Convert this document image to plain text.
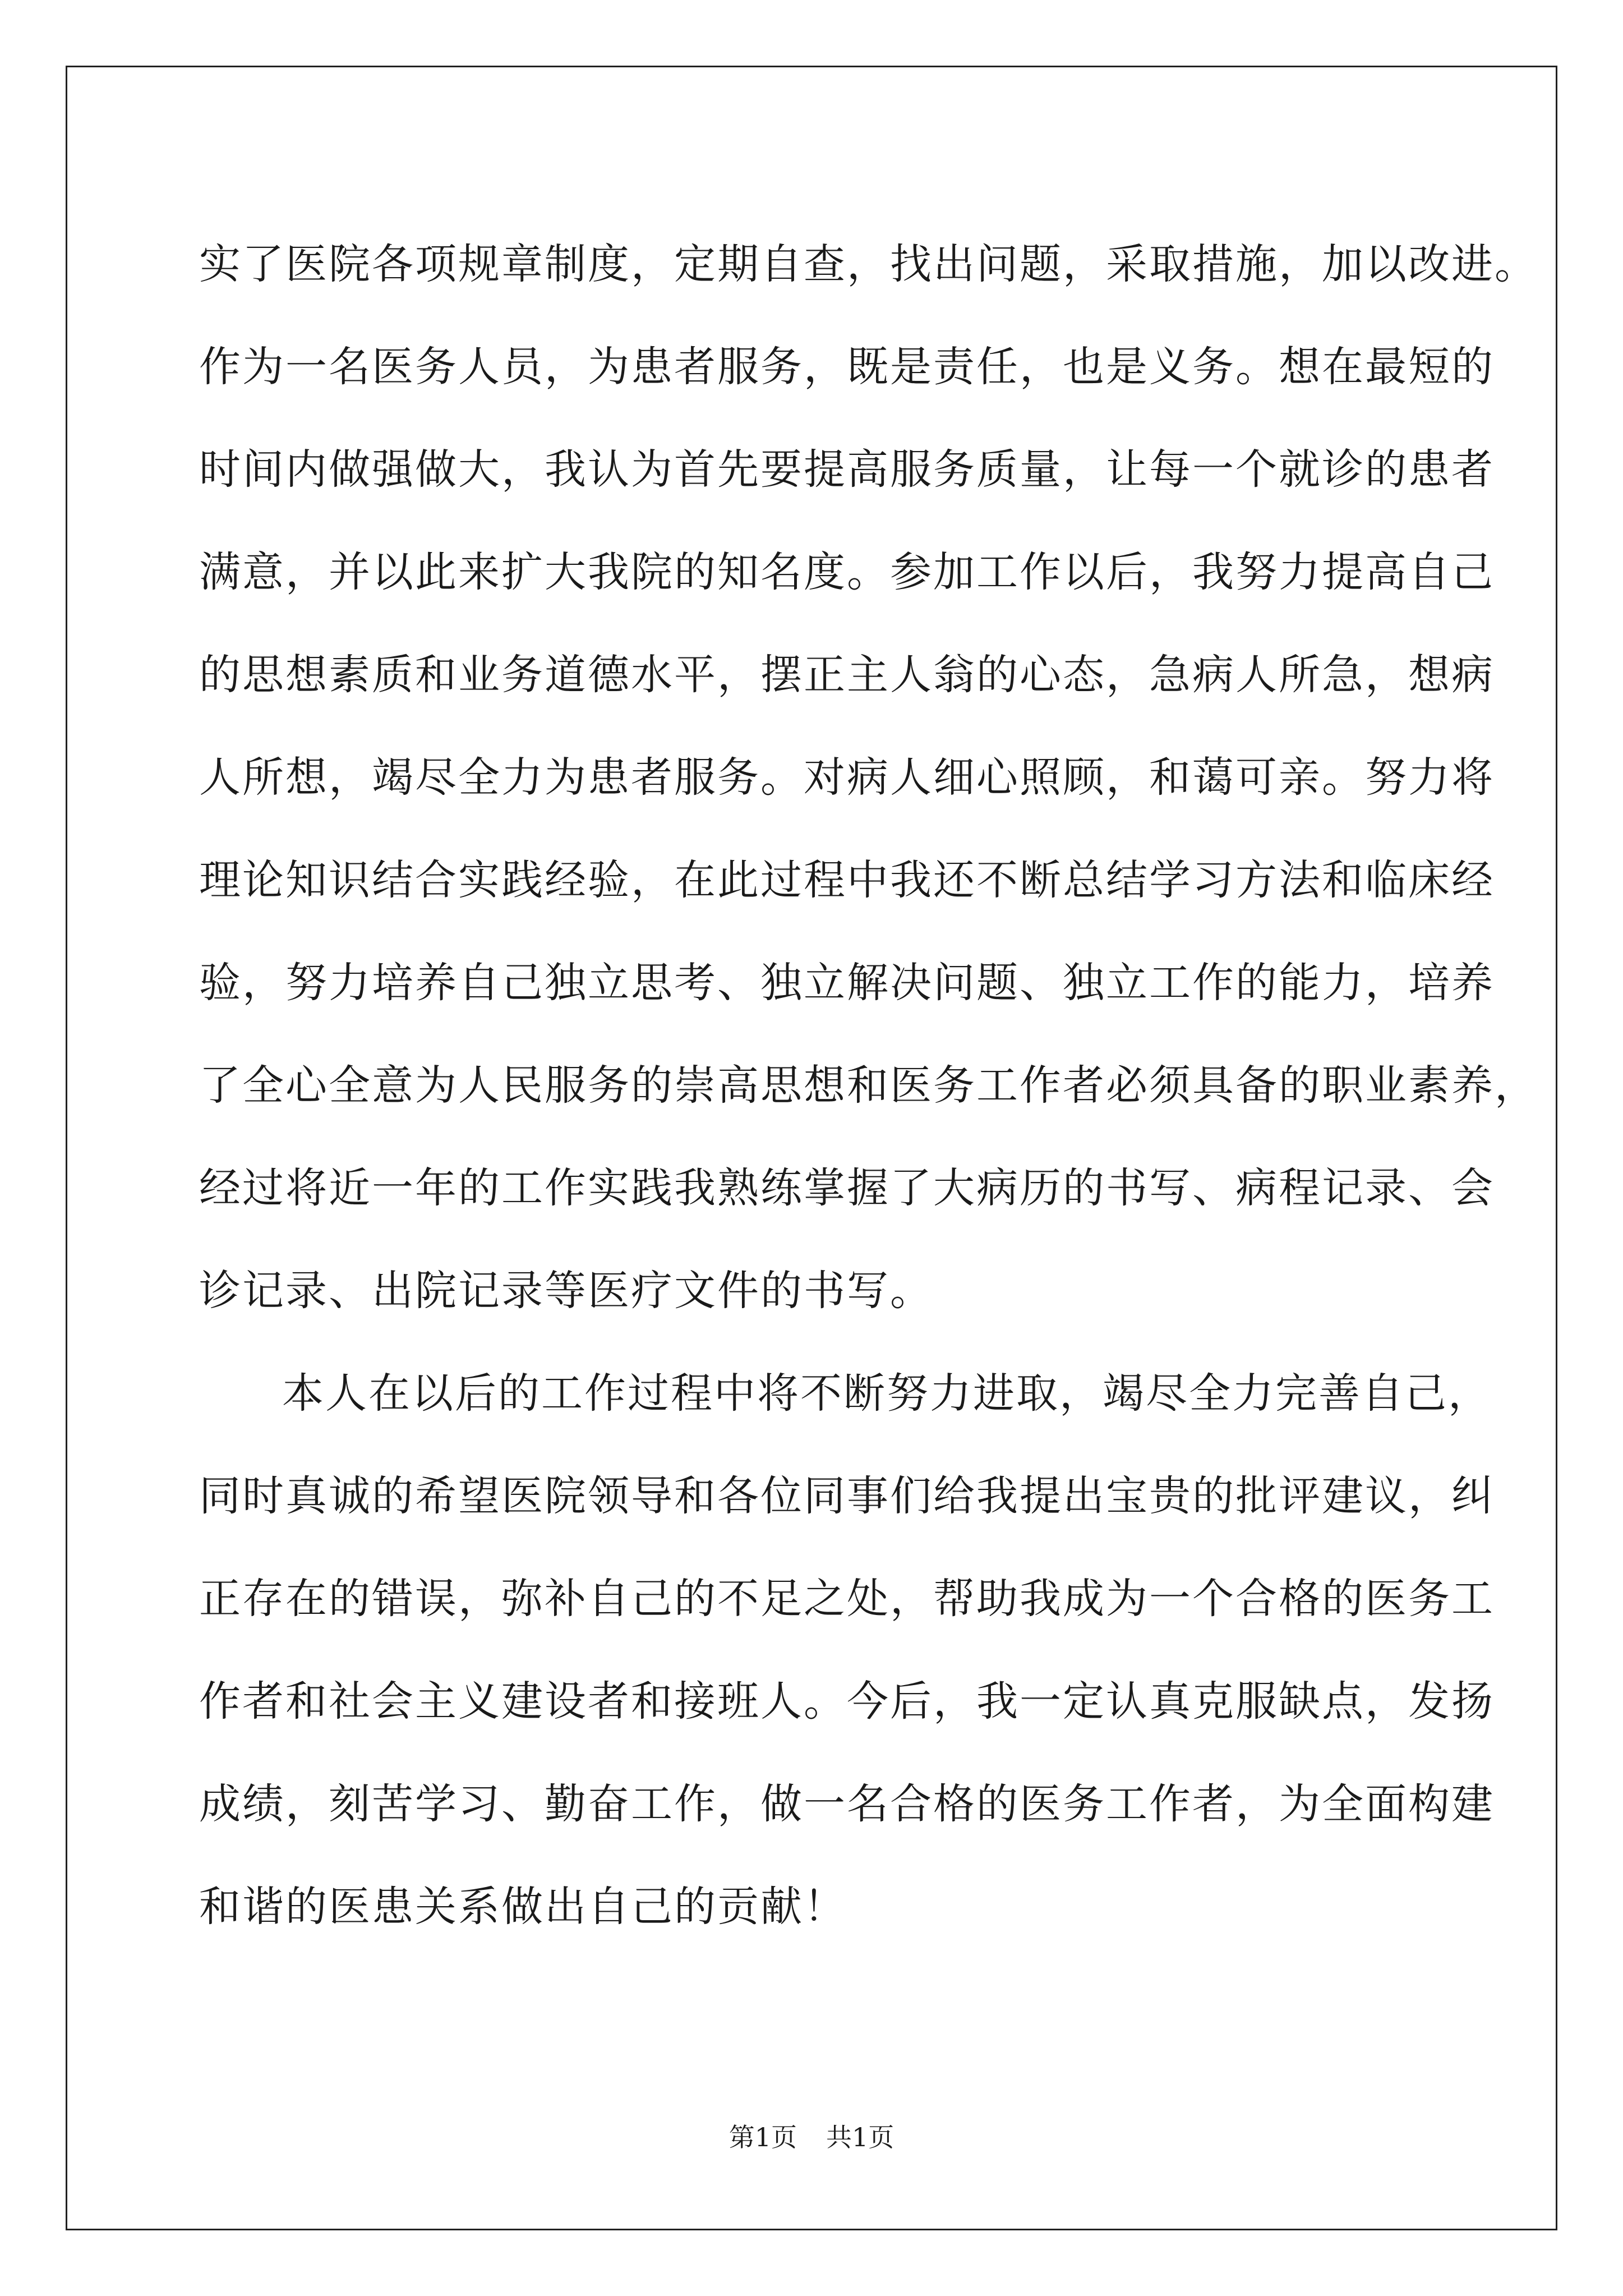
实了医院各项规章制度，定期自查，找出问题，采取措施，加以改进。
作为一名医务人员，为患者服务，既是责任，也是义务。想在最短的
时间内做强做大，我认为首先要提高服务质量，让每一个就诊的患者
满意，并以此来扩大我院的知名度。参加工作以后，我努力提高自己
的思想素质和业务道德水平，摆正主人翁的心态，急病人所急，想病
人所想，竭尽全力为患者服务。对病人细心照顾，和蔼可亲。努力将
理论知识结合实践经验，在此过程中我还不断总结学习方法和临床经
验，努力培养自己独立思考、独立解决问题、独立工作的能力，培养
了全心全意为人民服务的崇高思想和医务工作者必须具备的职业素养，
经过将近一年的工作实践我熟练掌握了大病历的书写、病程记录、会
诊记录、出院记录等医疗文件的书写。
本人在以后的工作过程中将不断努力进取，竭尽全力完善自己，
同时真诚的希望医院领导和各位同事们给我提出宝贵的批评建议，纠
正存在的错误，弥补自己的不足之处，帮助我成为一个合格的医务工
作者和社会主义建设者和接班人。今后，我一定认真克服缺点，发扬
成绩，刻苦学习、勤奋工作，做一名合格的医务工作者，为全面构建
和谐的医患关系做出自己的贡献！
第1页 共1页
